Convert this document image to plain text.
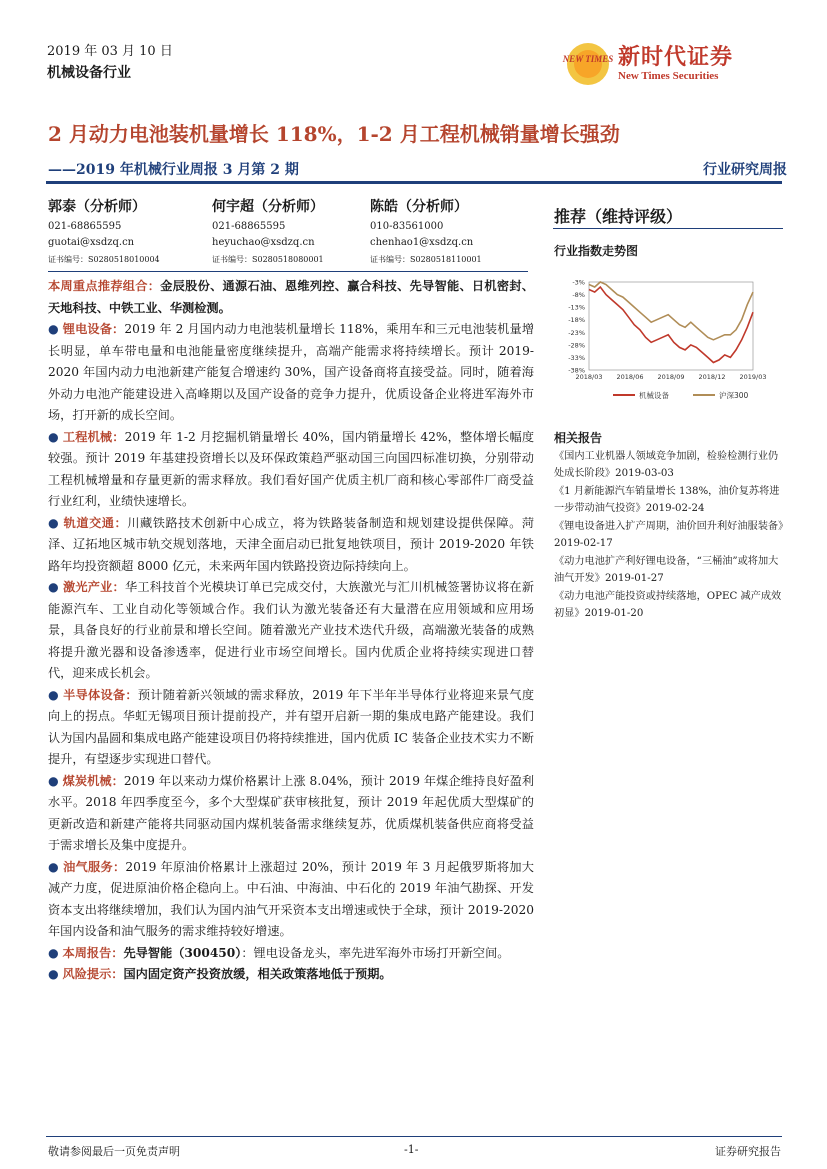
2019 年 03 月 10 日
机械设备行业
NEW TIMES 新时代证券
New Times Securities
2 月动力电池装机量增长 118%，1-2 月工程机械销量增长强劲
——2019 年机械行业周报 3 月第 2 期	行业研究周报
郭泰（分析师）
021-68865595
guotai@xsdzq.cn
证书编号：S0280518010004
何宇超（分析师）
021-68865595
heyuchao@xsdzq.cn
证书编号：S0280518080001
陈皓（分析师）
010-83561000
chenhao1@xsdzq.cn
证书编号：S0280518110001

本周重点推荐组合：金辰股份、通源石油、恩维列控、赢合科技、先导智能、日机密封、天地科技、中铁工业、华测检测。

● 锂电设备：2019 年 2 月国内动力电池装机量增长 118%，乘用车和三元电池装机量增长明显，单车带电量和电池能量密度继续提升，高端产能需求将持续增长。预计 2019-2020 年国内动力电池新建产能复合增速约 30%，国产设备商将直接受益。同时，随着海外动力电池产能建设进入高峰期以及国产设备的竞争力提升，优质设备企业将进军海外市场，打开新的成长空间。

● 工程机械：2019 年 1-2 月挖掘机销量增长 40%，国内销量增长 42%，整体增长幅度较强。预计 2019 年基建投资增长以及环保政策趋严驱动国三向国四标准切换，分别带动工程机械增量和存量更新的需求释放。我们看好国产优质主机厂商和核心零部件厂商受益行业红利，业绩快速增长。

● 轨道交通：川藏铁路技术创新中心成立，将为铁路装备制造和规划建设提供保障。菏泽、辽拓地区城市轨交规划落地，天津全面启动已批复地铁项目，预计 2019-2020 年铁路年均投资额超 8000 亿元，未来两年国内铁路投资边际持续向上。

● 激光产业：华工科技首个光模块订单已完成交付，大族激光与汇川机械签署协议将在新能源汽车、工业自动化等领域合作。我们认为激光装备还有大量潜在应用领域和应用场景，具备良好的行业前景和增长空间。随着激光产业技术迭代升级，高端激光装备的成熟将提升激光器和设备渗透率，促进行业市场空间增长。国内优质企业将持续实现进口替代，迎来成长机会。

● 半导体设备：预计随着新兴领域的需求释放，2019 年下半年半导体行业将迎来景气度向上的拐点。华虹无锡项目预计提前投产，并有望开启新一期的集成电路产能建设。我们认为国内晶圆和集成电路产能建设项目仍将持续推进，国内优质 IC 装备企业技术实力不断提升，有望逐步实现进口替代。

● 煤炭机械：2019 年以来动力煤价格累计上涨 8.04%，预计 2019 年煤企维持良好盈利水平。2018 年四季度至今，多个大型煤矿获审核批复，预计 2019 年起优质大型煤矿的更新改造和新建产能将共同驱动国内煤机装备需求继续复苏，优质煤机装备供应商将受益于需求增长及集中度提升。

● 油气服务：2019 年原油价格累计上涨超过 20%，预计 2019 年 3 月起俄罗斯将加大减产力度，促进原油价格企稳向上。中石油、中海油、中石化的 2019 年油气勘探、开发资本支出将继续增加，我们认为国内油气开采资本支出增速或快于全球，预计 2019-2020 年国内设备和油气服务的需求维持较好增速。

● 本周报告：先导智能（300450）：锂电设备龙头，率先进军海外市场打开新空间。

● 风险提示：国内固定资产投资放缓，相关政策落地低于预期。

推荐（维持评级）
行业指数走势图
-3%
-8%
-13%
-18%
-23%
-28%
-33%
-38%
2018/03 2018/06 2018/09 2018/12 2019/03
机械设备	沪深300
相关报告
《国内工业机器人领域竞争加剧，检验检测行业仍处成长阶段》2019-03-03
《1 月新能源汽车销量增长 138%，油价复苏将进一步带动油气投资》2019-02-24
《锂电设备进入扩产周期，油价回升利好油服装备》2019-02-17
《动力电池扩产利好锂电设备，“三桶油”或将加大油气开发》2019-01-27
《动力电池产能投资或持续落地，OPEC 减产成效初显》2019-01-20
敬请参阅最后一页免责声明	-1-	证券研究报告
